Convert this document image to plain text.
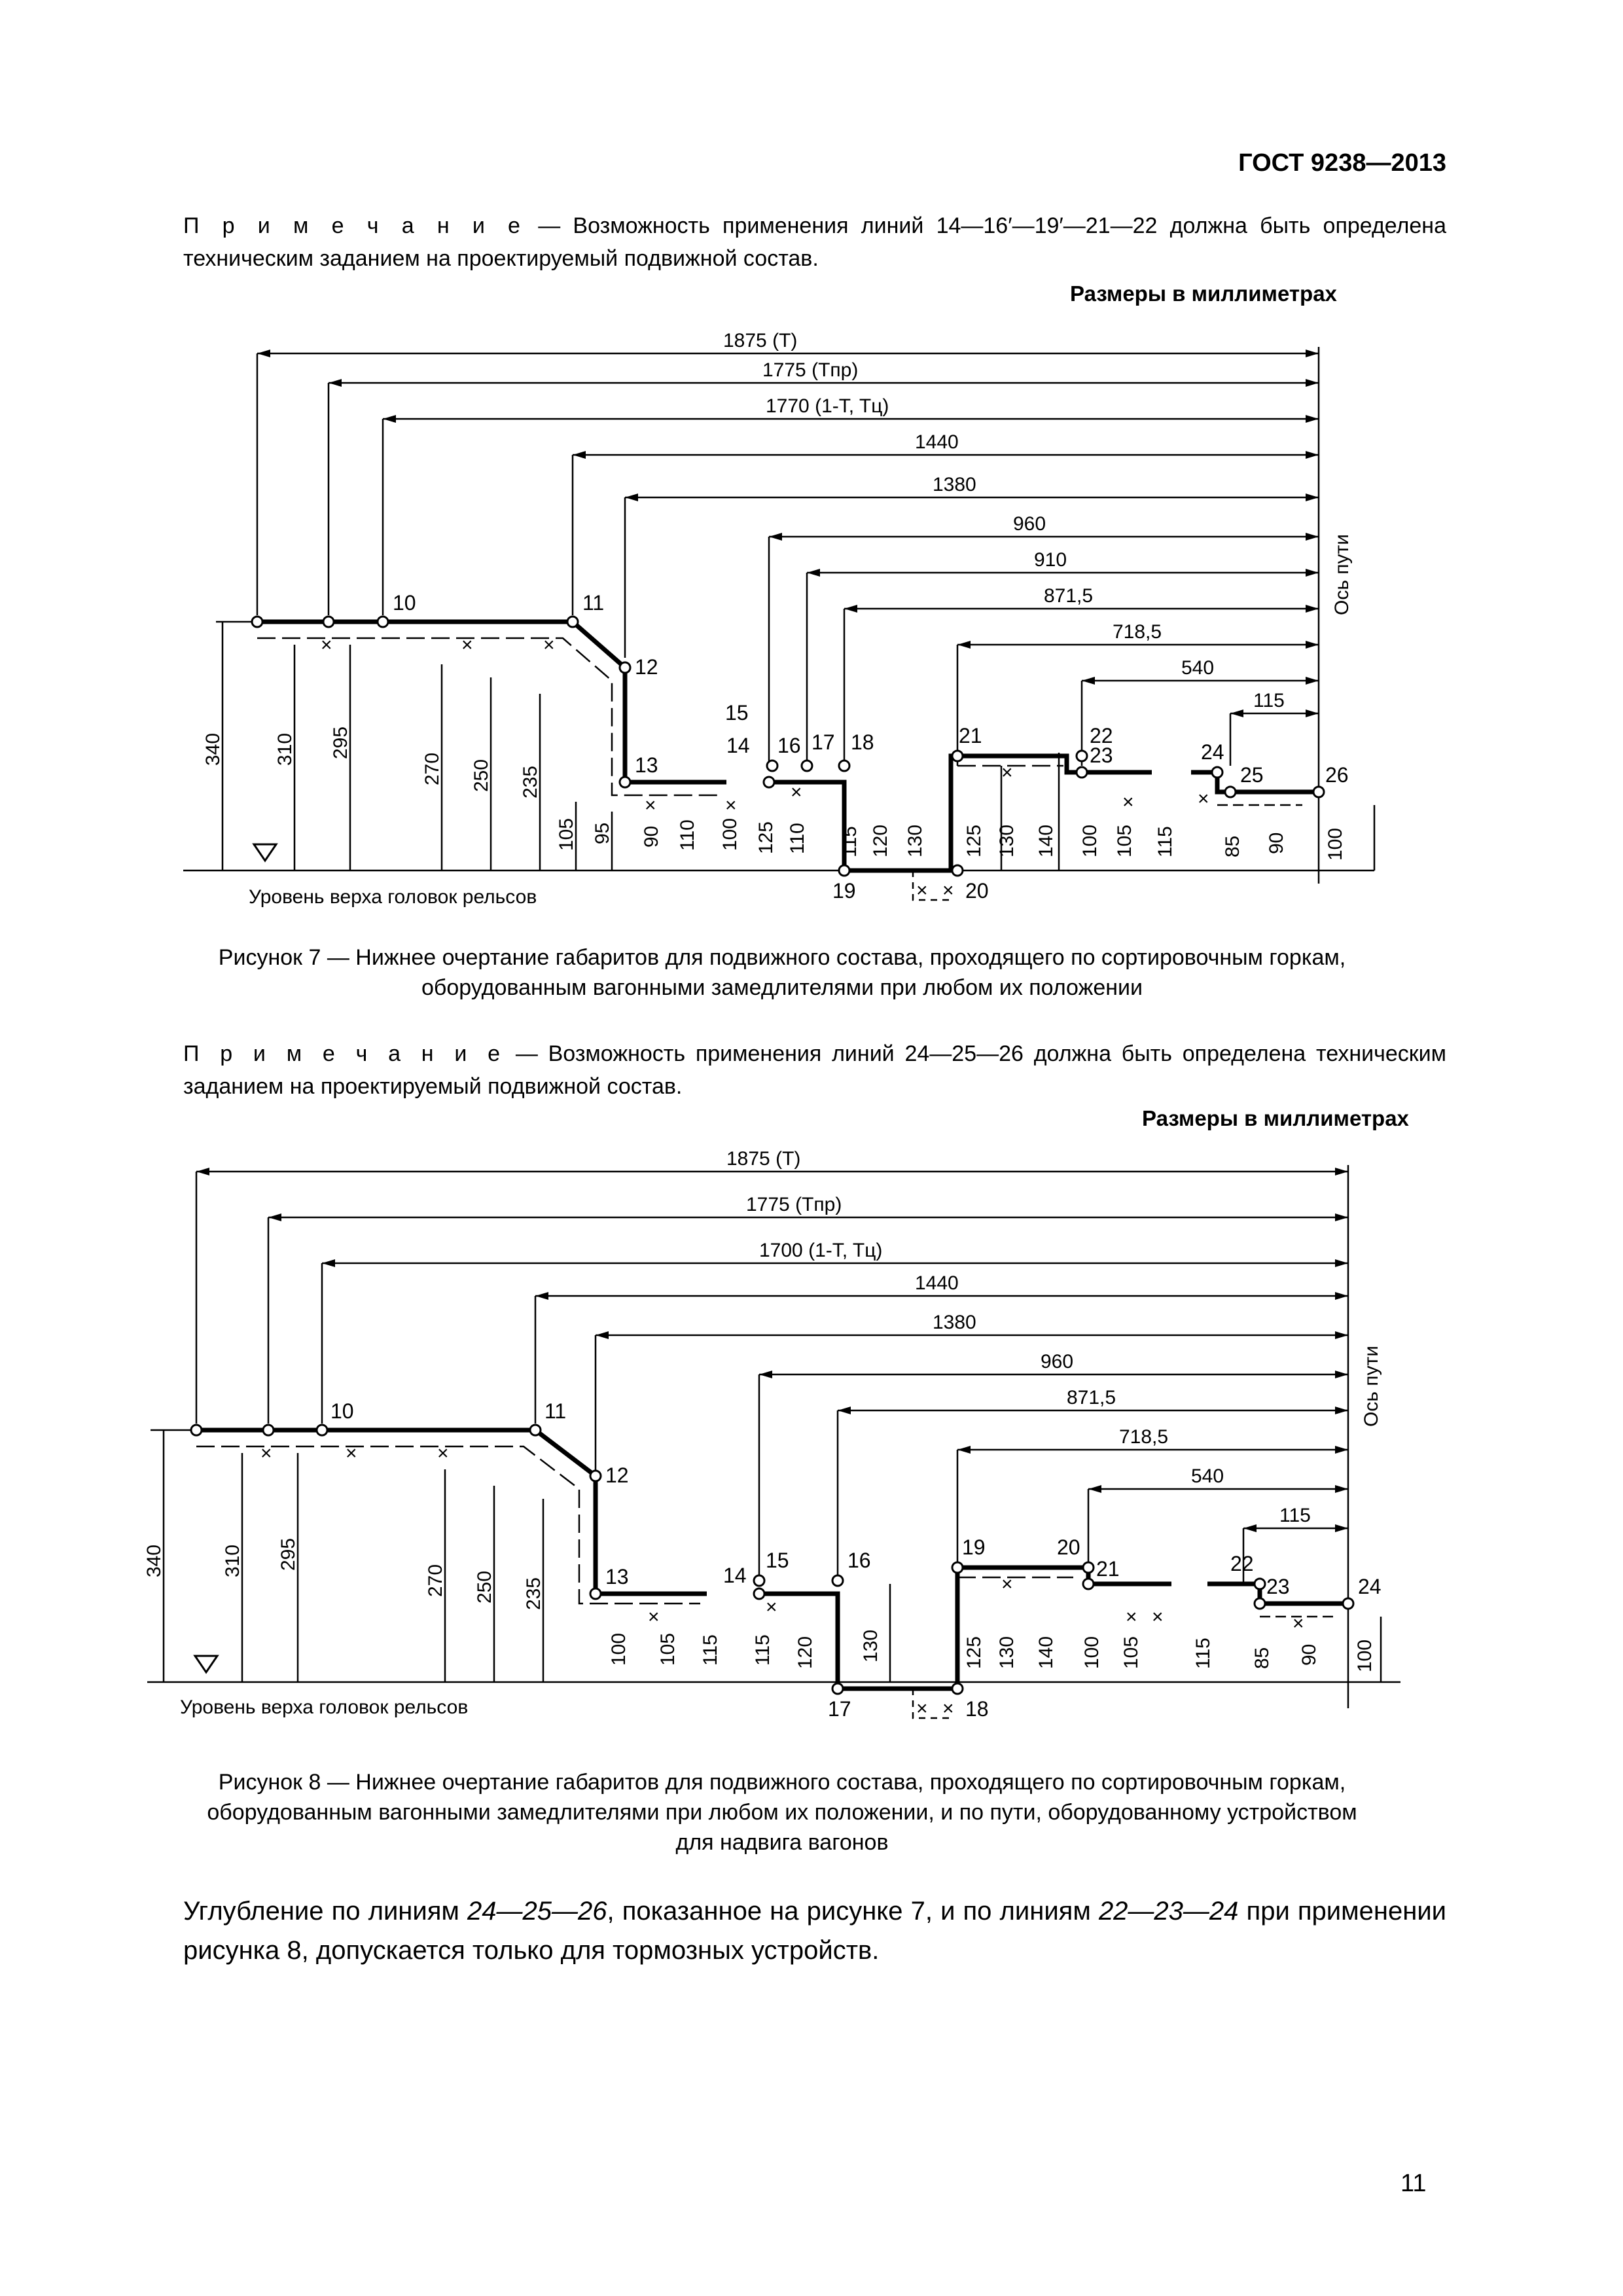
ГОСТ 9238—2013
П р и м е ч а н и е — Возможность применения линий 14—16′—19′—21—22 должна быть определена техническим заданием на проектируемый подвижной состав.
Размеры в миллиметрах
×	×	×
×	×
×
×
×	×
× ×
1875 (T)
1775 (Tпр)
1770 (1-T, Tц)
1440
1380
960
910
871,5
718,5
540
115
340	310 295
270 250 235
105 95 90 110 100 125 110 115 120 130 125 130 140 100 105 115 85 90 100
10	11
12
13
14
15
16 17 18
19	20
21	22
23	24
25	26
Ось пути
Уровень верха головок рельсов
Рисунок 7 — Нижнее очертание габаритов для подвижного состава, проходящего по сортировочным горкам,
оборудованным вагонными замедлителями при любом их положении
П р и м е ч а н и е — Возможность применения линий 24—25—26 должна быть определена техническим заданием на проектируемый подвижной состав.
Размеры в миллиметрах
×	×	×
×	×
×
× ×	×
× ×
1875 (T)
1775 (Tпр)
1700 (1-T, Tц)
1440
1380
960
871,5
718,5
540
115
340	310 295
270 250 235
100 105 115 115 120 130	125 130 140 100 105	115 85 90 100
10	11
12
13	14
15	16
17	18
19	20
21	22
23	24
Ось пути
Уровень верха головок рельсов
Рисунок 8 — Нижнее очертание габаритов для подвижного состава, проходящего по сортировочным горкам,
оборудованным вагонными замедлителями при любом их положении, и по пути, оборудованному устройством
для надвига вагонов
Углубление по линиям 24—25—26, показанное на рисунке 7, и по линиям 22—23—24 при применении рисунка 8, допускается только для тормозных устройств.
11
